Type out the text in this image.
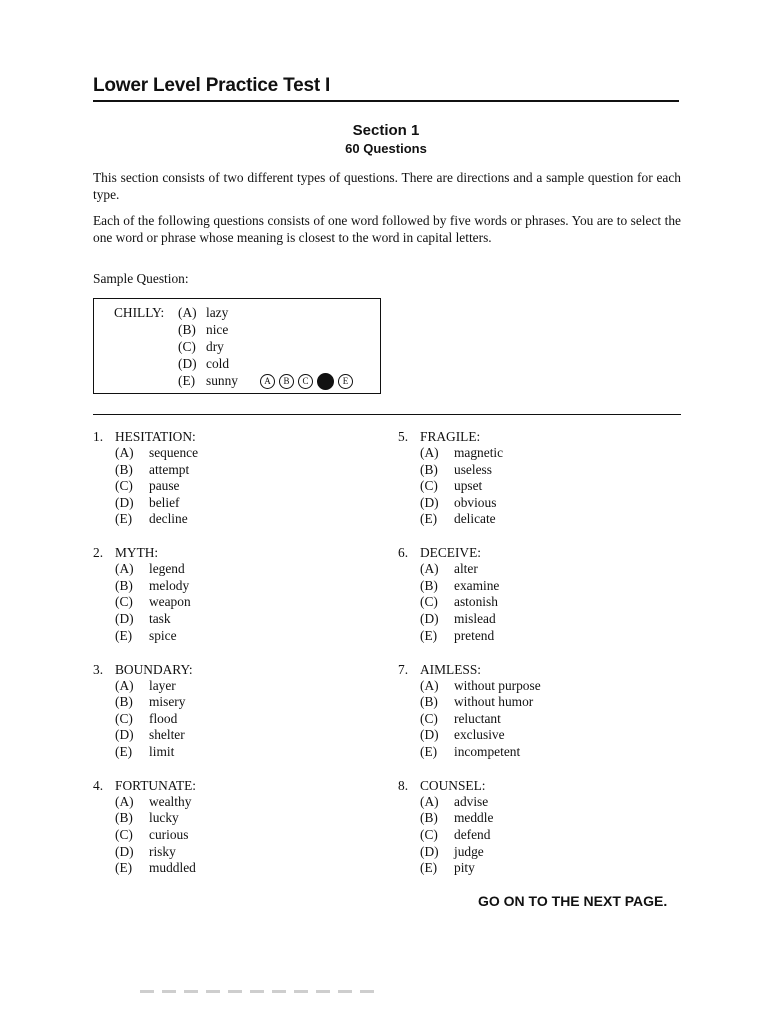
Lower Level Practice Test I
Section 1
60 Questions
This section consists of two different types of questions. There are directions and a sample question for each type.
Each of the following questions consists of one word followed by five words or phrases. You are to select the one word or phrase whose meaning is closest to the word in capital letters.
Sample Question:
CHILLY: (A) lazy
(B) nice
(C) dry
(D) cold
(E) sunny	A	B	C	E
1. HESITATION:
(A)	sequence
(B)	attempt
(C)	pause
(D)	belief
(E)	decline
2. MYTH:
(A)	legend
(B)	melody
(C)	weapon
(D)	task
(E)	spice
3. BOUNDARY:
(A)	layer
(B)	misery
(C)	flood
(D)	shelter
(E)	limit
4. FORTUNATE:
(A)	wealthy
(B)	lucky
(C)	curious
(D)	risky
(E)	muddled
5. FRAGILE:
(A)	magnetic
(B)	useless
(C)	upset
(D)	obvious
(E)	delicate
6. DECEIVE:
(A)	alter
(B)	examine
(C)	astonish
(D)	mislead
(E)	pretend
7. AIMLESS:
(A)	without purpose
(B)	without humor
(C)	reluctant
(D)	exclusive
(E)	incompetent
8. COUNSEL:
(A)	advise
(B)	meddle
(C)	defend
(D)	judge
(E)	pity
GO ON TO THE NEXT PAGE.
